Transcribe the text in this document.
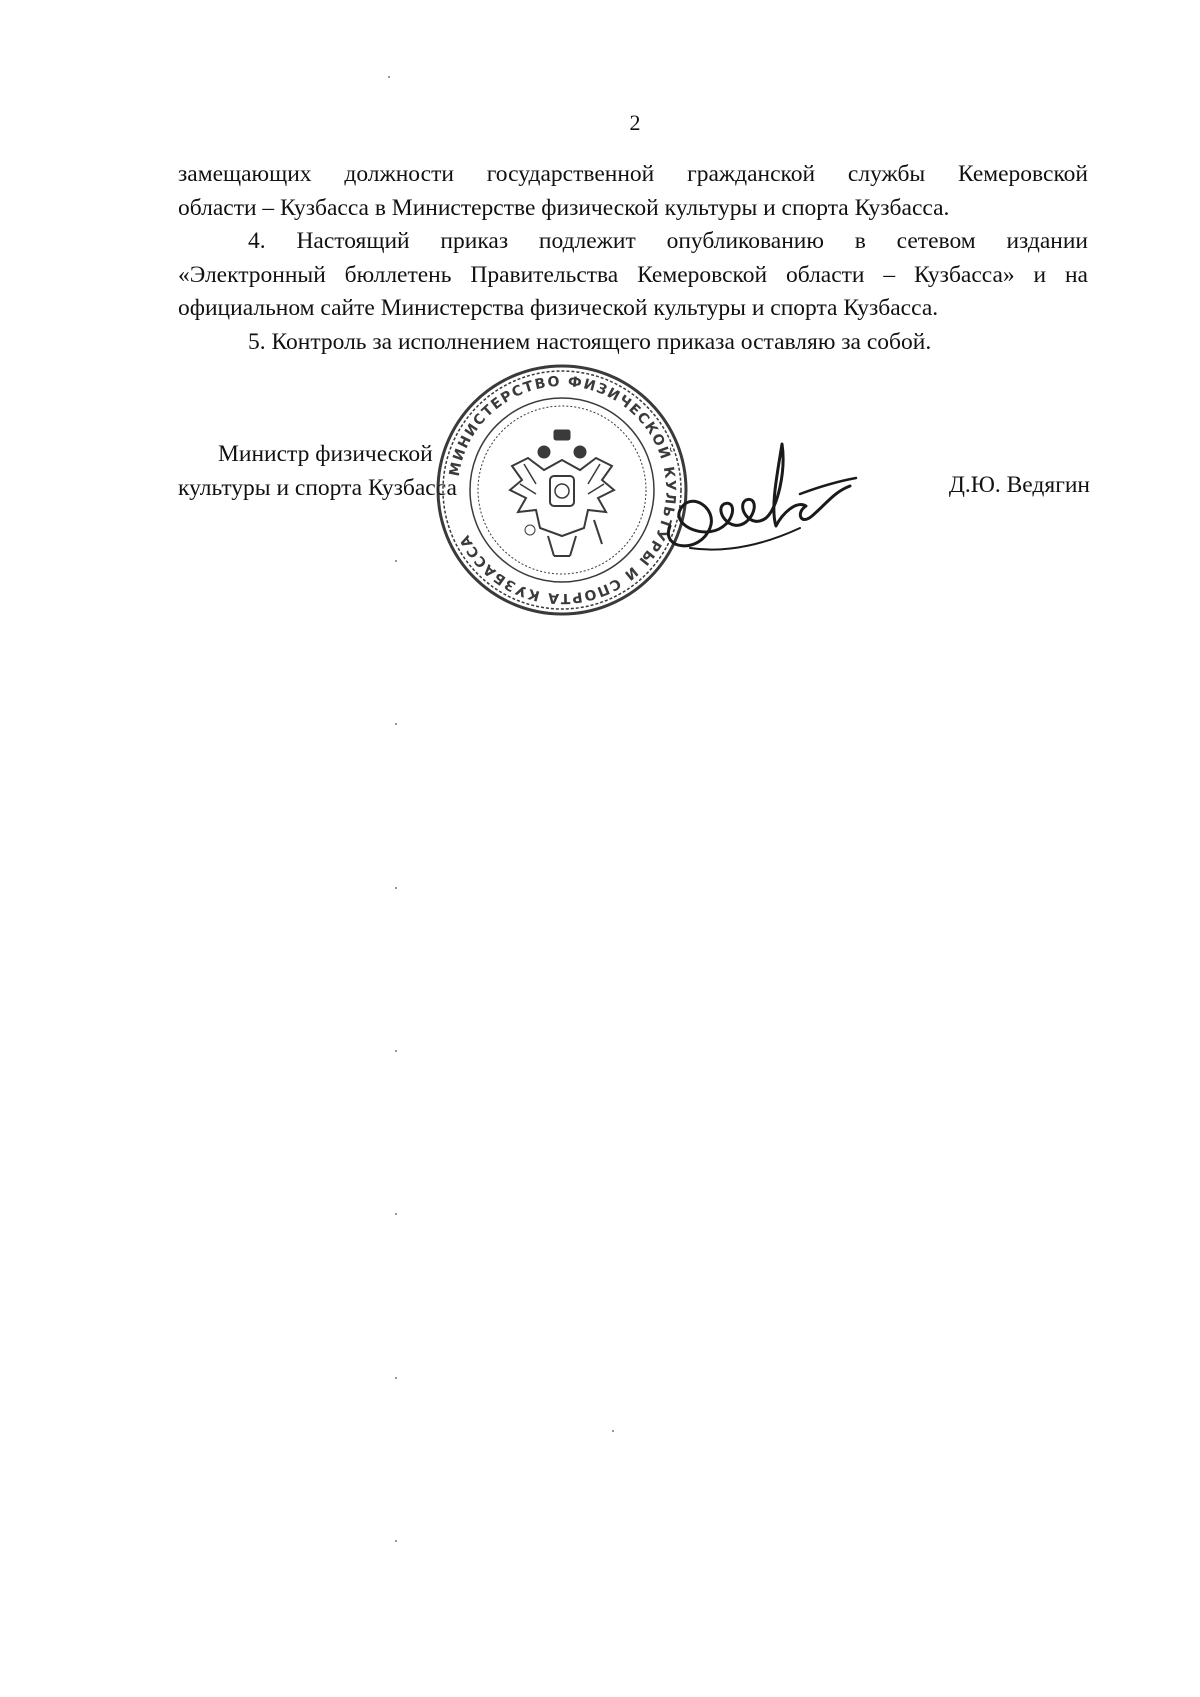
2

замещающих должности государственной гражданской службы Кемеровской

области – Кузбасса в Министерстве физической культуры и спорта Кузбасса.

4. Настоящий приказ подлежит опубликованию в сетевом издании

«Электронный бюллетень Правительства Кемеровской области – Кузбасса» и на

официальном сайте Министерства физической культуры и спорта Кузбасса.

5. Контроль за исполнением настоящего приказа оставляю за собой.

Министр физической
культуры и спорта Кузбасса	Д.Ю. Ведягин
МИНИСТЕРСТВО ФИЗИЧЕСКОЙ КУЛЬТУРЫ И СПОРТА КУЗБАССА
